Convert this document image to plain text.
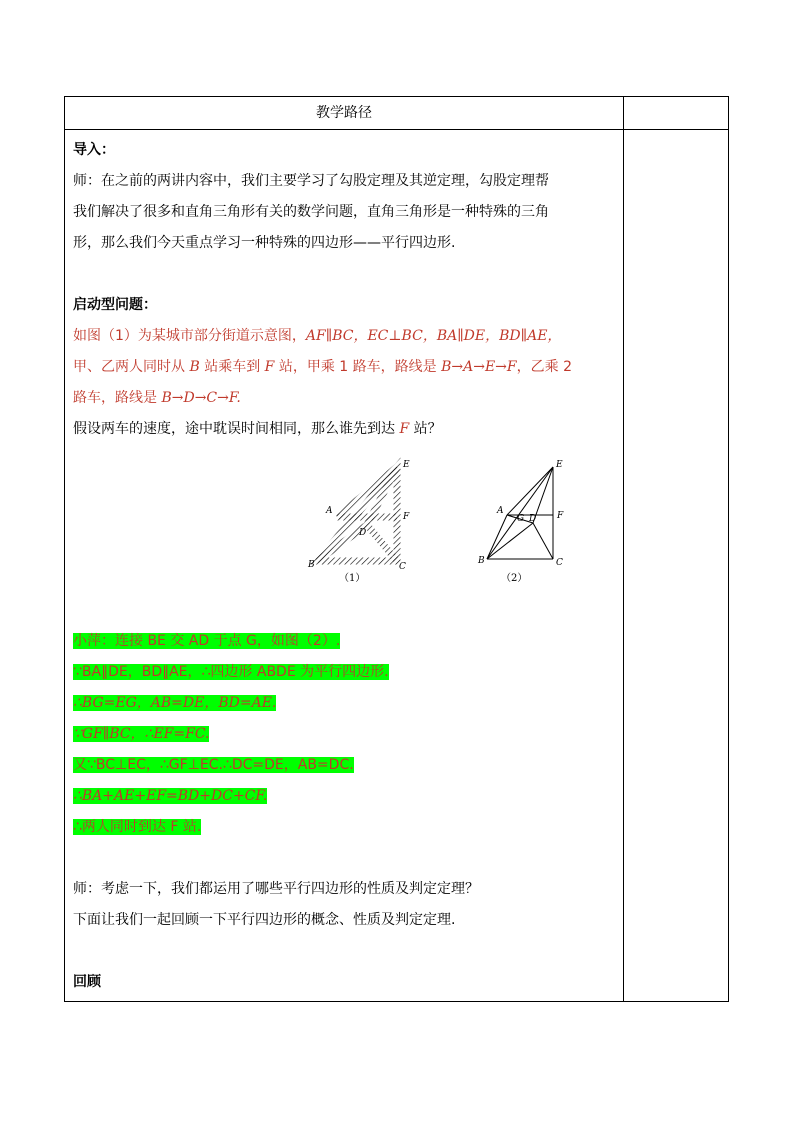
教学路径
导入：
师：在之前的两讲内容中，我们主要学习了勾股定理及其逆定理，勾股定理帮
我们解决了很多和直角三角形有关的数学问题，直角三角形是一种特殊的三角
形，那么我们今天重点学习一种特殊的四边形——平行四边形.
启动型问题：
如图（1）为某城市部分街道示意图，AF∥BC，EC⊥BC，BA∥DE，BD∥AE，
甲、乙两人同时从 B 站乘车到 F 站，甲乘 1 路车，路线是 B→A→E→F，乙乘 2
路车，路线是 B→D→C→F.
假设两车的速度，途中耽误时间相同，那么谁先到达 F 站？
E
A
F
D
B	C
（1）
E
A
G D F
B	C
（2）
小萍：连接 BE 交 AD 于点 G，如图（2）.
∵BA∥DE，BD∥AE，∴四边形 ABDE 为平行四边形.
∴BG=EG，AB=DE，BD=AE.
∵GF∥BC，∴EF=FC.
又∵BC⊥EC，∴GF⊥EC.∴DC=DE，AB=DC.
∴BA+AE+EF=BD+DC+CF.
∴两人同时到达 F 站.
师：考虑一下，我们都运用了哪些平行四边形的性质及判定定理？
下面让我们一起回顾一下平行四边形的概念、性质及判定定理.
回顾
